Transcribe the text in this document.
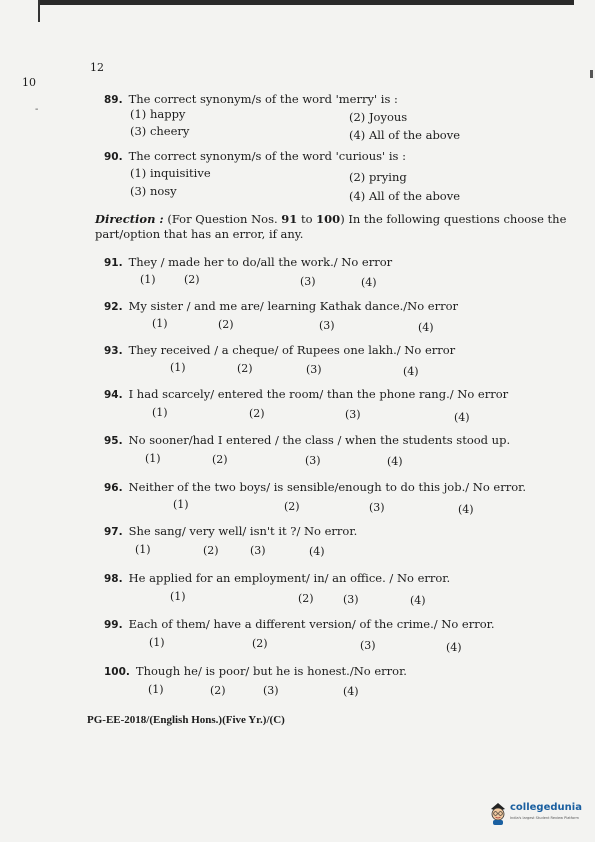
10
12
-
89. The correct synonym/s of the word 'merry' is :
(1) happy	(2) Joyous
(3) cheery	(4) All of the above
90. The correct synonym/s of the word 'curious' is :
(1) inquisitive	(2) prying
(3) nosy	(4) All of the above
Direction : (For Question Nos. 91 to 100) In the following questions choose the part/option that has an error, if any.
91. They / made her to do/all the work./ No error
(1)	(2)	(3)	(4)
92. My sister / and me are/ learning Kathak dance./No error
(1)	(2)	(3)	(4)
93. They received / a cheque/ of Rupees one lakh./ No error
(1)	(2)	(3)	(4)
94. I had scarcely/ entered the room/ than the phone rang./ No error
(1)	(2)	(3)	(4)
95. No sooner/had I entered / the class / when the students stood up.
(1)	(2)	(3)	(4)
96. Neither of the two boys/ is sensible/enough to do this job./ No error.
(1)	(2)	(3)	(4)
97. She sang/ very well/ isn't it ?/ No error.
(1)	(2)	(3)	(4)
98. He applied for an employment/ in/ an office. / No error.
(1)	(2)	(3)	(4)
99. Each of them/ have a different version/ of the crime./ No error.
(1)	(2)	(3)	(4)
100. Though he/ is poor/ but he is honest./No error.
(1)	(2)	(3)	(4)
PG-EE-2018/(English Hons.)(Five Yr.)/(C)
collegedunia
India's largest Student Review Platform
